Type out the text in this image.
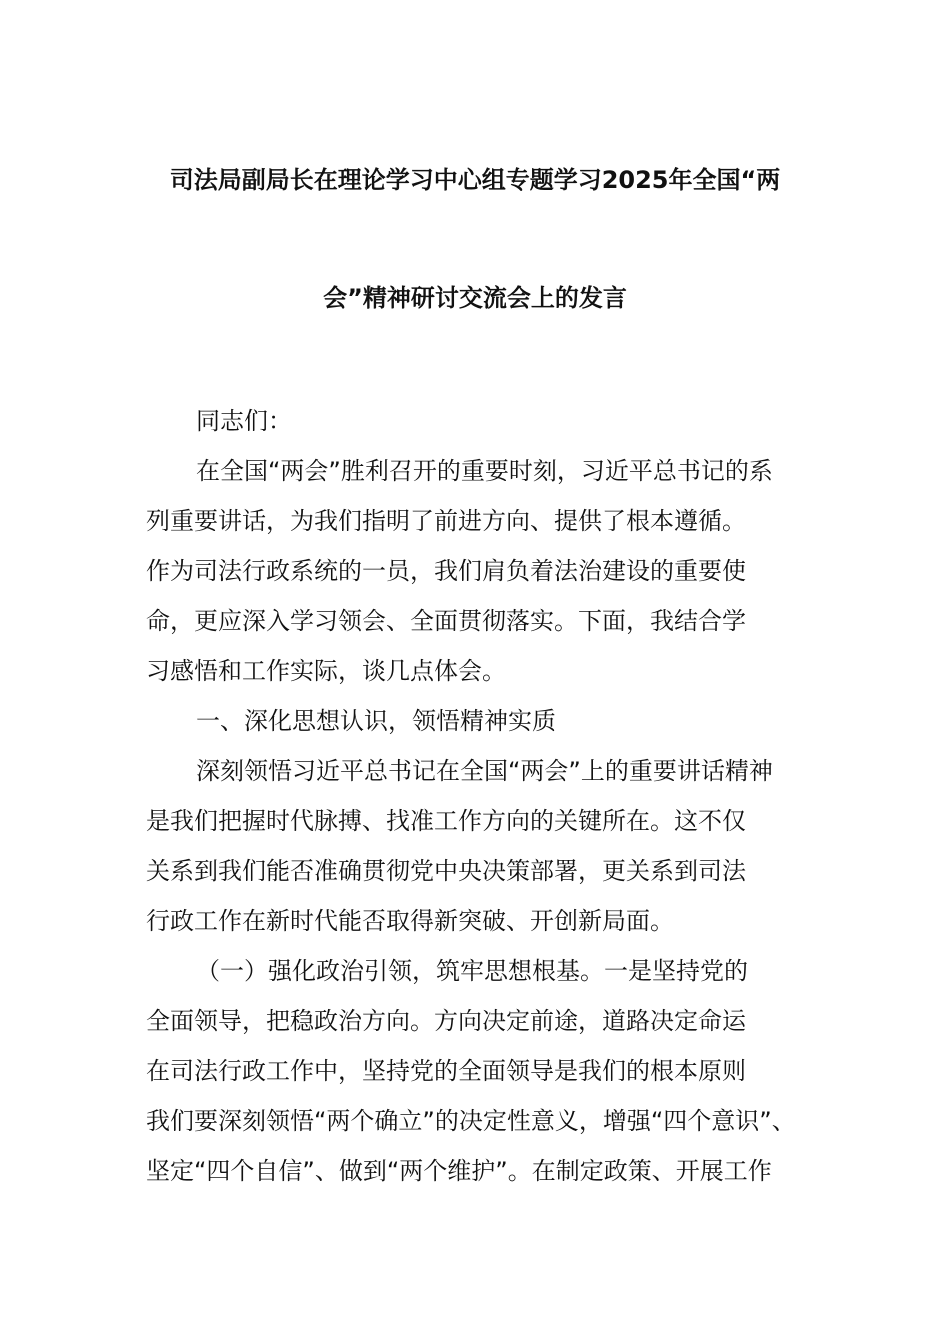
司法局副局长在理论学习中心组专题学习2025年全国“两
会”精神研讨交流会上的发言
同志们：
在全国“两会”胜利召开的重要时刻，习近平总书记的系
列重要讲话，为我们指明了前进方向、提供了根本遵循。
作为司法行政系统的一员，我们肩负着法治建设的重要使
命，更应深入学习领会、全面贯彻落实。下面，我结合学
习感悟和工作实际，谈几点体会。
一、深化思想认识，领悟精神实质
深刻领悟习近平总书记在全国“两会”上的重要讲话精神
是我们把握时代脉搏、找准工作方向的关键所在。这不仅
关系到我们能否准确贯彻党中央决策部署，更关系到司法
行政工作在新时代能否取得新突破、开创新局面。
（一）强化政治引领，筑牢思想根基。一是坚持党的
全面领导，把稳政治方向。方向决定前途，道路决定命运
在司法行政工作中，坚持党的全面领导是我们的根本原则
我们要深刻领悟“两个确立”的决定性意义，增强“四个意识”、
坚定“四个自信”、做到“两个维护”。在制定政策、开展工作
